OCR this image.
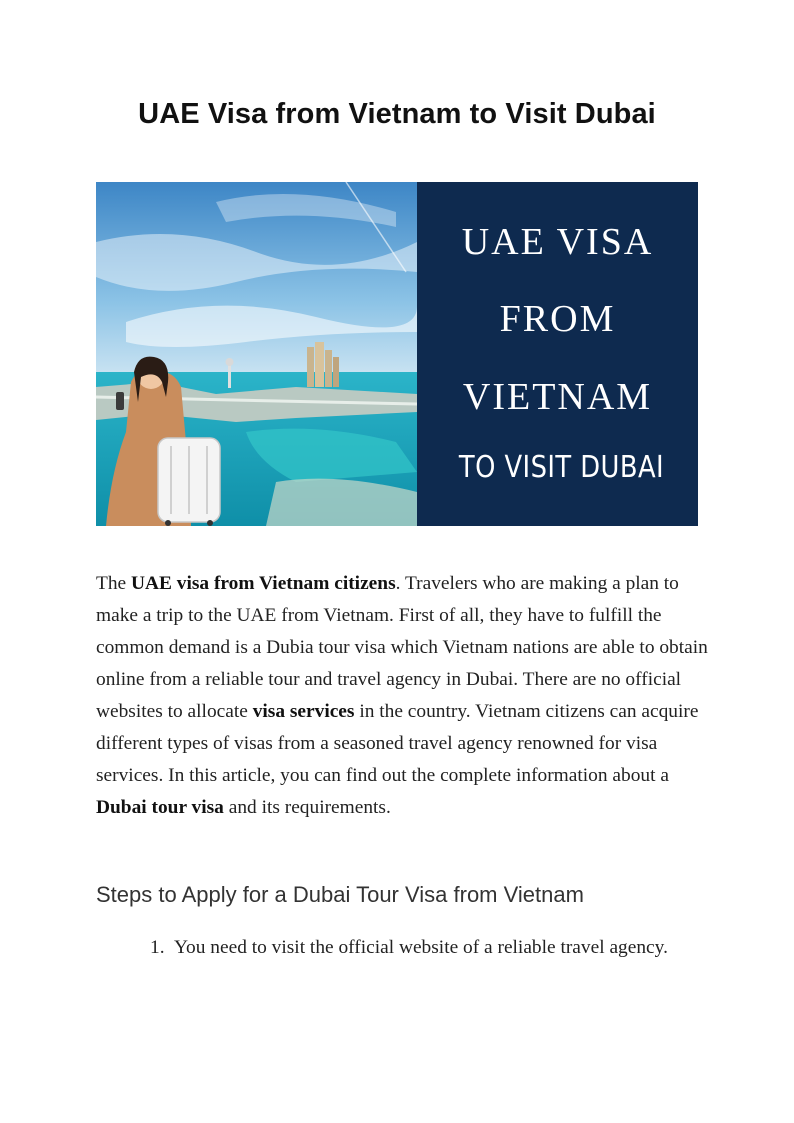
UAE Visa from Vietnam to Visit Dubai
UAE VISA
FROM
VIETNAM
TO VISIT DUBAI

The UAE visa from Vietnam citizens. Travelers who are making a plan to make a trip to the UAE from Vietnam. First of all, they have to fulfill the common demand is a Dubia tour visa which Vietnam nations are able to obtain online from a reliable tour and travel agency in Dubai. There are no official websites to allocate visa services in the country. Vietnam citizens can acquire different types of visas from a seasoned travel agency renowned for visa services. In this article, you can find out the complete information about a Dubai tour visa and its requirements.

Steps to Apply for a Dubai Tour Visa from Vietnam
1. You need to visit the official website of a reliable travel agency.
